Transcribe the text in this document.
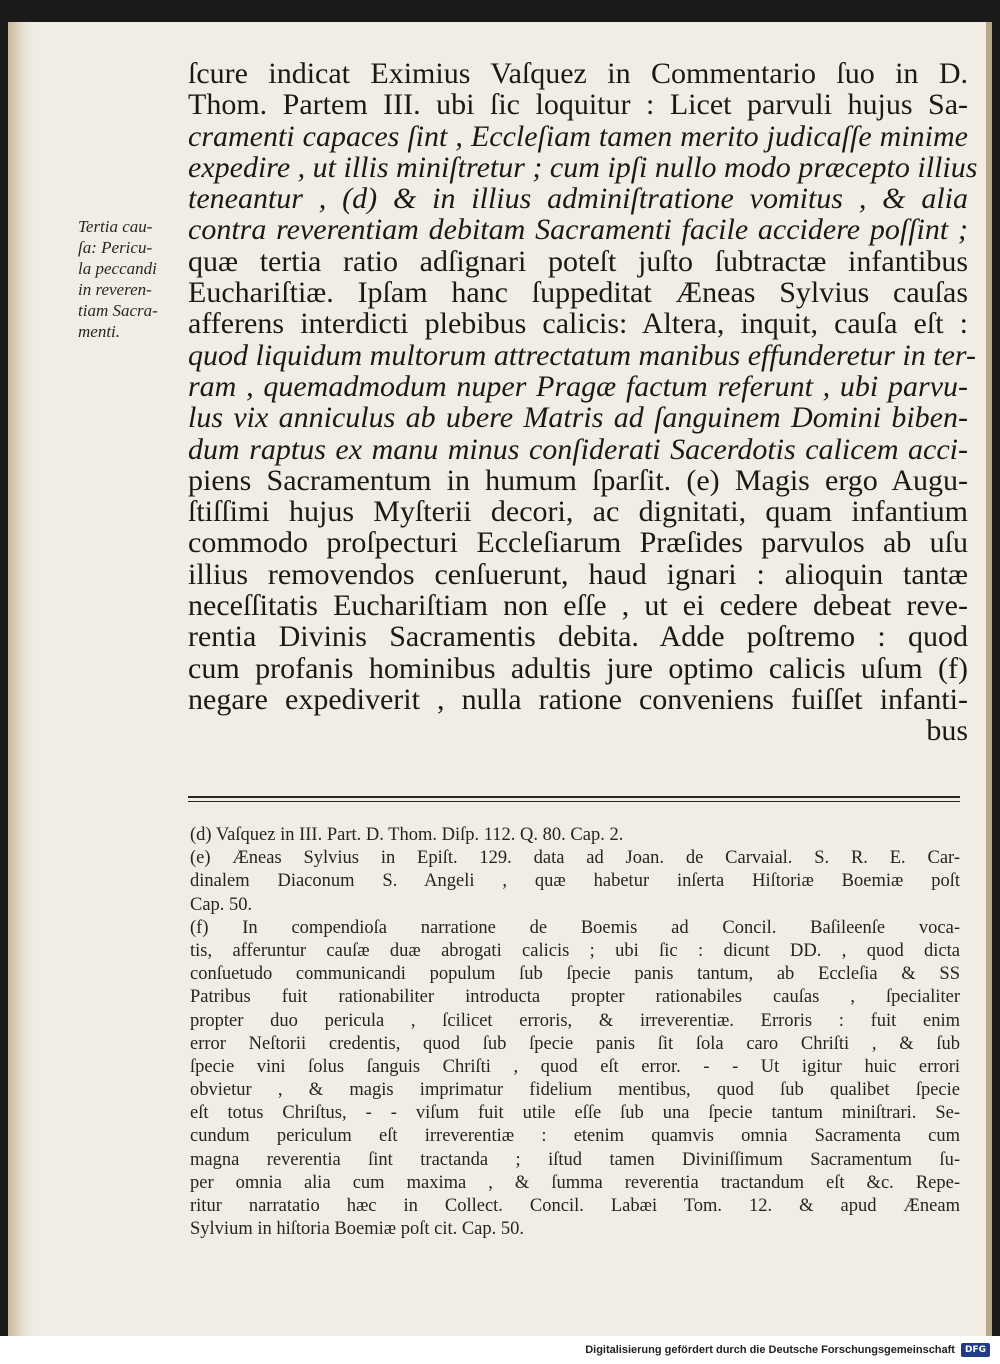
Tertia cau-
ſa: Pericu-
la peccandi
in reveren-
tiam Sacra-
menti.
ſcure indicat Eximius Vaſquez in Commentario ſuo in D.
Thom. Partem III. ubi ſic loquitur : Licet parvuli hujus Sa-
cramenti capaces ſint , Eccleſiam tamen merito judicaſſe minime
expedire , ut illis miniſtretur ; cum ipſi nullo modo præcepto illius
teneantur , (d) & in illius adminiſtratione vomitus , & alia
contra reverentiam debitam Sacramenti facile accidere poſſint ;
quæ tertia ratio adſignari poteſt juſto ſubtractæ infantibus
Euchariſtiæ. Ipſam hanc ſuppeditat Æneas Sylvius cauſas
afferens interdicti plebibus calicis: Altera, inquit, cauſa eſt :
quod liquidum multorum attrectatum manibus effunderetur in ter-
ram , quemadmodum nuper Pragæ factum referunt , ubi parvu-
lus vix anniculus ab ubere Matris ad ſanguinem Domini biben-
dum raptus ex manu minus conſiderati Sacerdotis calicem acci-
piens Sacramentum in humum ſparſit. (e) Magis ergo Augu-
ſtiſſimi hujus Myſterii decori, ac dignitati, quam infantium
commodo proſpecturi Eccleſiarum Præſides parvulos ab uſu
illius removendos cenſuerunt, haud ignari : alioquin tantæ
neceſſitatis Euchariſtiam non eſſe , ut ei cedere debeat reve-
rentia Divinis Sacramentis debita. Adde poſtremo : quod
cum profanis hominibus adultis jure optimo calicis uſum (f)
negare expediverit , nulla ratione conveniens fuiſſet infanti-
bus
(d) Vaſquez in III. Part. D. Thom. Diſp. 112. Q. 80. Cap. 2.
(e) Æneas Sylvius in Epiſt. 129. data ad Joan. de Carvaial. S. R. E. Car-
dinalem Diaconum S. Angeli , quæ habetur inſerta Hiſtoriæ Boemiæ poſt
Cap. 50.
(f) In compendioſa narratione de Boemis ad Concil. Baſileenſe voca-
tis, afferuntur cauſæ duæ abrogati calicis ; ubi ſic : dicunt DD. , quod dicta
conſuetudo communicandi populum ſub ſpecie panis tantum, ab Eccleſia & SS
Patribus fuit rationabiliter introducta propter rationabiles cauſas , ſpecialiter
propter duo pericula , ſcilicet erroris, & irreverentiæ. Erroris : fuit enim
error Neſtorii credentis, quod ſub ſpecie panis ſit ſola caro Chriſti , & ſub
ſpecie vini ſolus ſanguis Chriſti , quod eſt error. - - Ut igitur huic errori
obvietur , & magis imprimatur fidelium mentibus, quod ſub qualibet ſpecie
eſt totus Chriſtus, - - viſum fuit utile eſſe ſub una ſpecie tantum miniſtrari. Se-
cundum periculum eſt irreverentiæ : etenim quamvis omnia Sacramenta cum
magna reverentia ſint tractanda ; iſtud tamen Diviniſſimum Sacramentum ſu-
per omnia alia cum maxima , & ſumma reverentia tractandum eſt &c. Repe-
ritur narratatio hæc in Collect. Concil. Labæi Tom. 12. & apud Æneam
Sylvium in hiſtoria Boemiæ poſt cit. Cap. 50.
Digitalisierung gefördert durch die Deutsche Forschungsgemeinschaft	DFG
